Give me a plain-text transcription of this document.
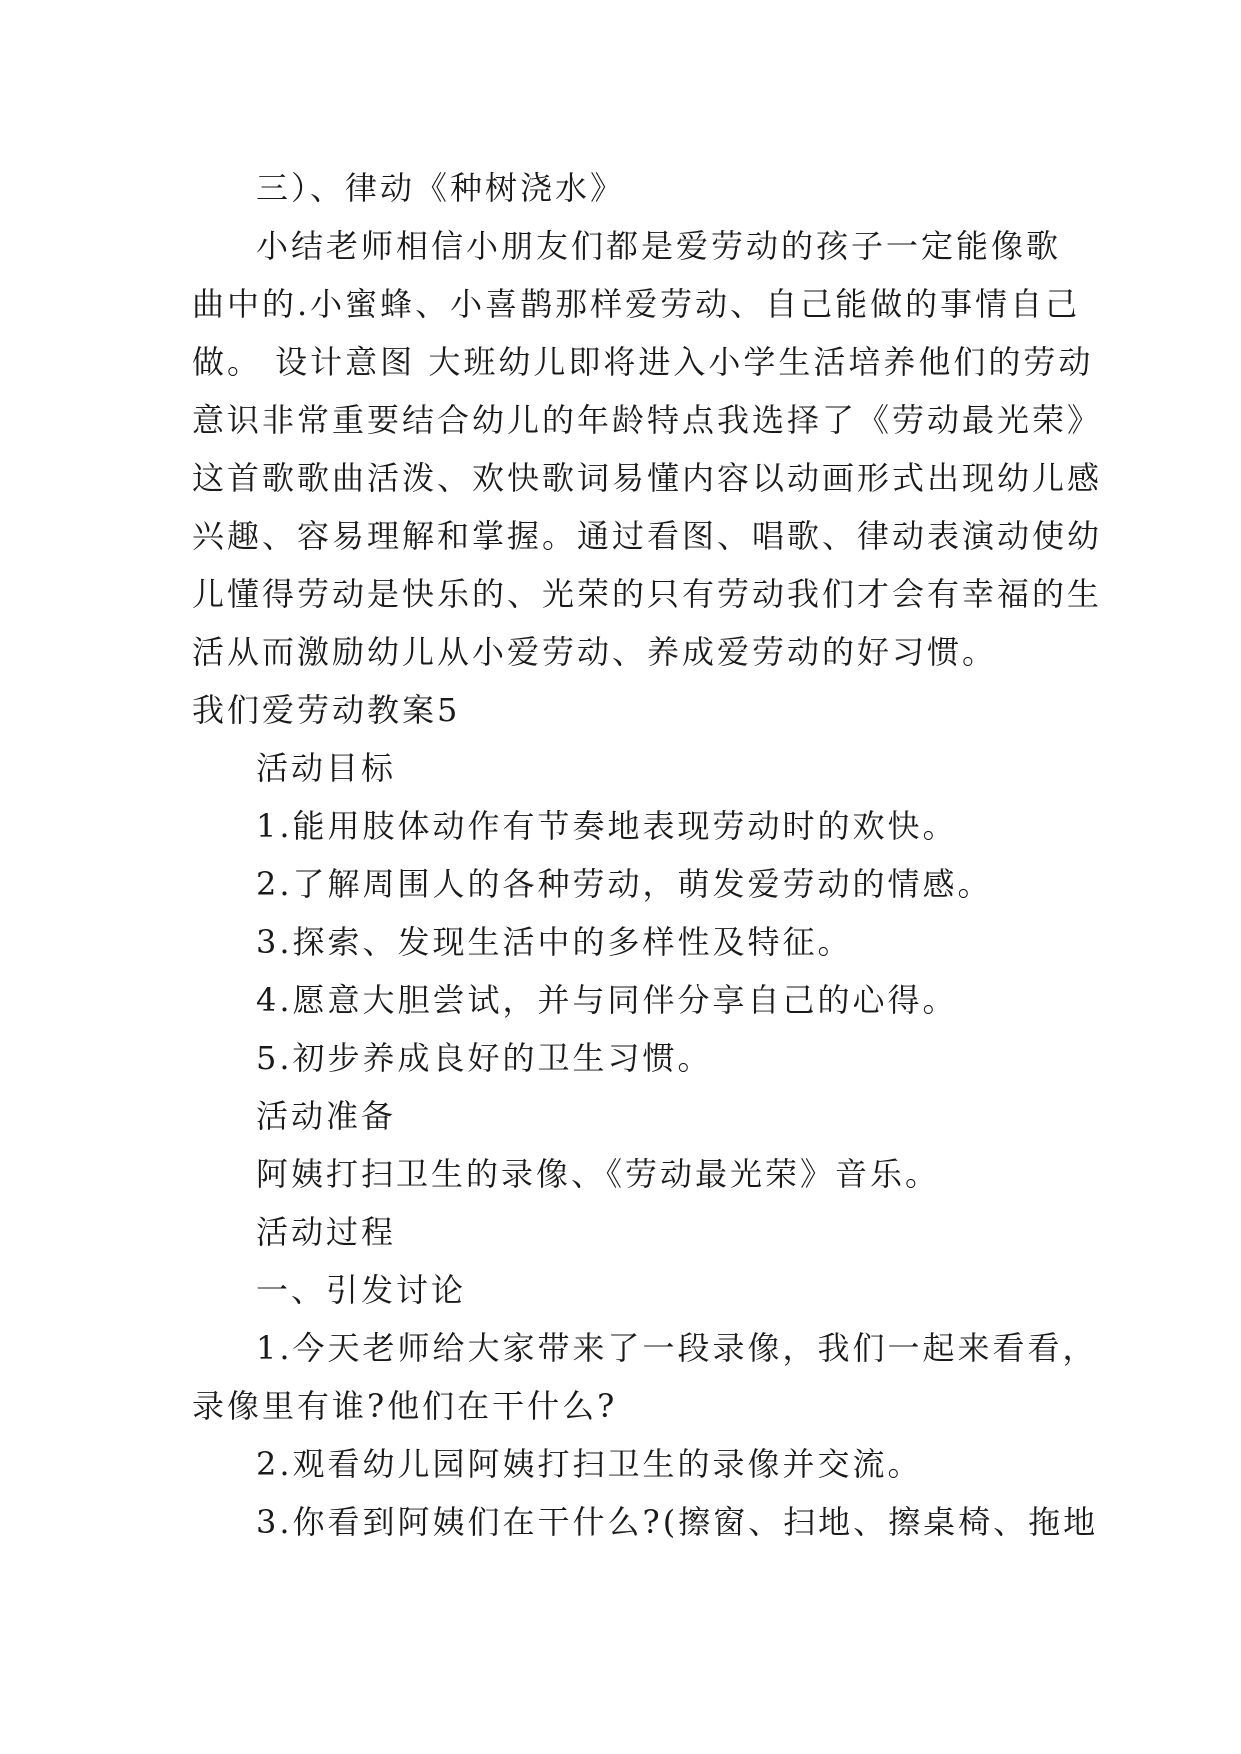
三）、律动《种树浇水》
小结老师相信小朋友们都是爱劳动的孩子一定能像歌
曲中的.小蜜蜂、小喜鹊那样爱劳动、自己能做的事情自己
做。 设计意图 大班幼儿即将进入小学生活培养他们的劳动
意识非常重要结合幼儿的年龄特点我选择了《劳动最光荣》
这首歌歌曲活泼、欢快歌词易懂内容以动画形式出现幼儿感
兴趣、容易理解和掌握。通过看图、唱歌、律动表演动使幼
儿懂得劳动是快乐的、光荣的只有劳动我们才会有幸福的生
活从而激励幼儿从小爱劳动、养成爱劳动的好习惯。
我们爱劳动教案5
活动目标
1.能用肢体动作有节奏地表现劳动时的欢快。
2.了解周围人的各种劳动，萌发爱劳动的情感。
3.探索、发现生活中的多样性及特征。
4.愿意大胆尝试，并与同伴分享自己的心得。
5.初步养成良好的卫生习惯。
活动准备
阿姨打扫卫生的录像、《劳动最光荣》音乐。
活动过程
一、引发讨论
1.今天老师给大家带来了一段录像，我们一起来看看，
录像里有谁?他们在干什么?
2.观看幼儿园阿姨打扫卫生的录像并交流。
3.你看到阿姨们在干什么?(擦窗、扫地、擦桌椅、拖地
